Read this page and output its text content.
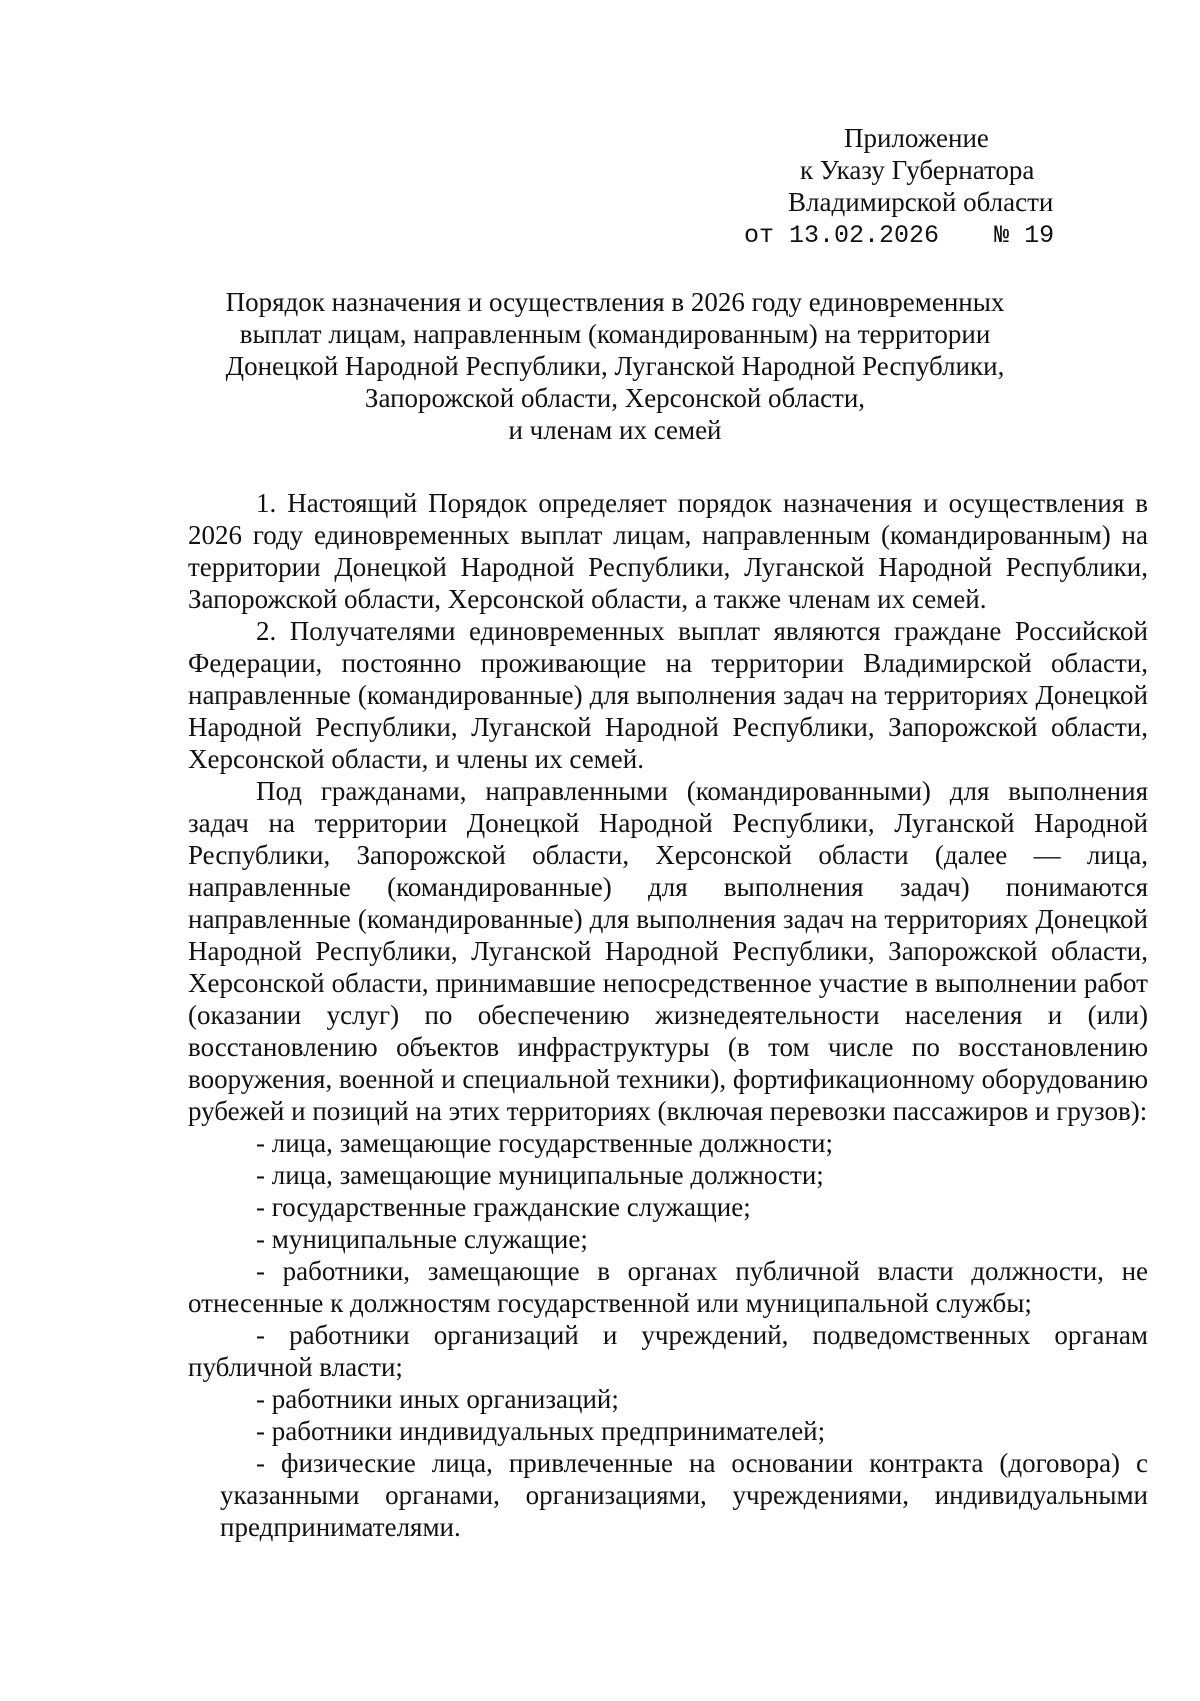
Приложение
к Указу Губернатора
Владимирской области
от 13.02.2026 № 19
Порядок назначения и осуществления в 2026 году единовременных
выплат лицам, направленным (командированным) на территории
Донецкой Народной Республики, Луганской Народной Республики,
Запорожской области, Херсонской области,
и членам их семей

1. Настоящий Порядок определяет порядок назначения и осуществления в 2026 году единовременных выплат лицам, направленным (командированным) на территории Донецкой Народной Республики, Луганской Народной Республики, Запорожской области, Херсонской области, а также членам их семей.

2. Получателями единовременных выплат являются граждане Российской Федерации, постоянно проживающие на территории Владимирской области, направленные (командированные) для выполнения задач на территориях Донецкой Народной Республики, Луганской Народной Республики, Запорожской области, Херсонской области, и члены их семей.

Под гражданами, направленными (командированными) для выполнения задач на территории Донецкой Народной Республики, Луганской Народной Республики, Запорожской области, Херсонской области (далее — лица, направленные (командированные) для выполнения задач) понимаются направленные (командированные) для выполнения задач на территориях Донецкой Народной Республики, Луганской Народной Республики, Запорожской области, Херсонской области, принимавшие непосредственное участие в выполнении работ (оказании услуг) по обеспечению жизнедеятельности населения и (или) восстановлению объектов инфраструктуры (в том числе по восстановлению вооружения, военной и специальной техники), фортификационному оборудованию рубежей и позиций на этих территориях (включая перевозки пассажиров и грузов):

- лица, замещающие государственные должности;

- лица, замещающие муниципальные должности;

- государственные гражданские служащие;

- муниципальные служащие;

- работники, замещающие в органах публичной власти должности, не отнесенные к должностям государственной или муниципальной службы;

- работники организаций и учреждений, подведомственных органам публичной власти;

- работники иных организаций;

- работники индивидуальных предпринимателей;

- физические лица, привлеченные на основании контракта (договора) с указанными органами, организациями, учреждениями, индивидуальными предпринимателями.
